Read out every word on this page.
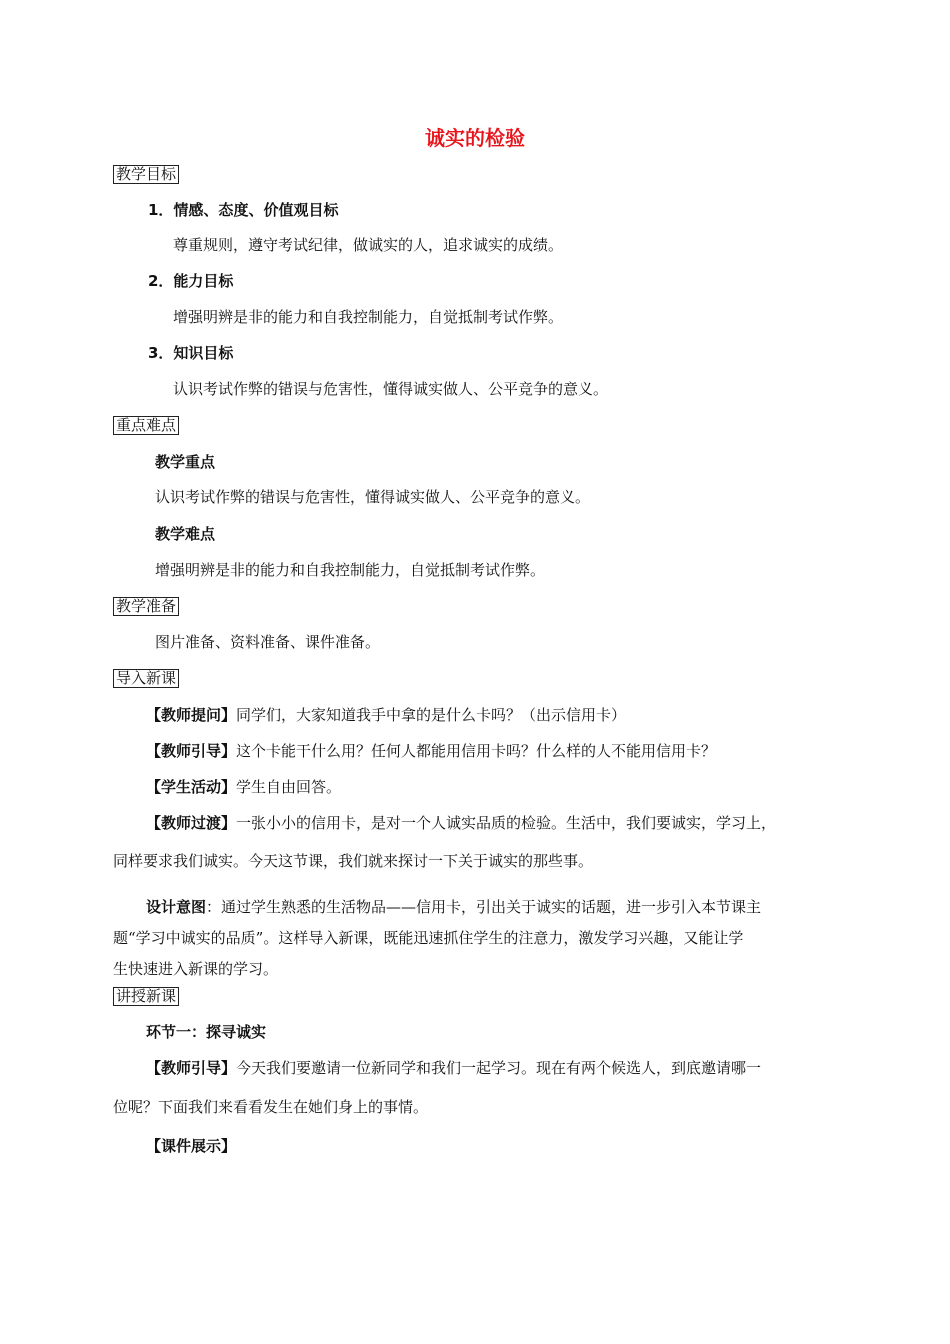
诚实的检验
教学目标
1．情感、态度、价值观目标
尊重规则，遵守考试纪律，做诚实的人，追求诚实的成绩。
2．能力目标
增强明辨是非的能力和自我控制能力，自觉抵制考试作弊。
3．知识目标
认识考试作弊的错误与危害性，懂得诚实做人、公平竞争的意义。
重点难点
教学重点
认识考试作弊的错误与危害性，懂得诚实做人、公平竞争的意义。
教学难点
增强明辨是非的能力和自我控制能力，自觉抵制考试作弊。
教学准备
图片准备、资料准备、课件准备。
导入新课
【教师提问】同学们，大家知道我手中拿的是什么卡吗？（出示信用卡）
【教师引导】这个卡能干什么用？任何人都能用信用卡吗？什么样的人不能用信用卡？
【学生活动】学生自由回答。
【教师过渡】一张小小的信用卡，是对一个人诚实品质的检验。生活中，我们要诚实，学习上，
同样要求我们诚实。今天这节课，我们就来探讨一下关于诚实的那些事。
设计意图：通过学生熟悉的生活物品——信用卡，引出关于诚实的话题，进一步引入本节课主
题“学习中诚实的品质”。这样导入新课，既能迅速抓住学生的注意力，激发学习兴趣，又能让学
生快速进入新课的学习。
讲授新课
环节一：探寻诚实
【教师引导】今天我们要邀请一位新同学和我们一起学习。现在有两个候选人，到底邀请哪一
位呢？下面我们来看看发生在她们身上的事情。
【课件展示】
